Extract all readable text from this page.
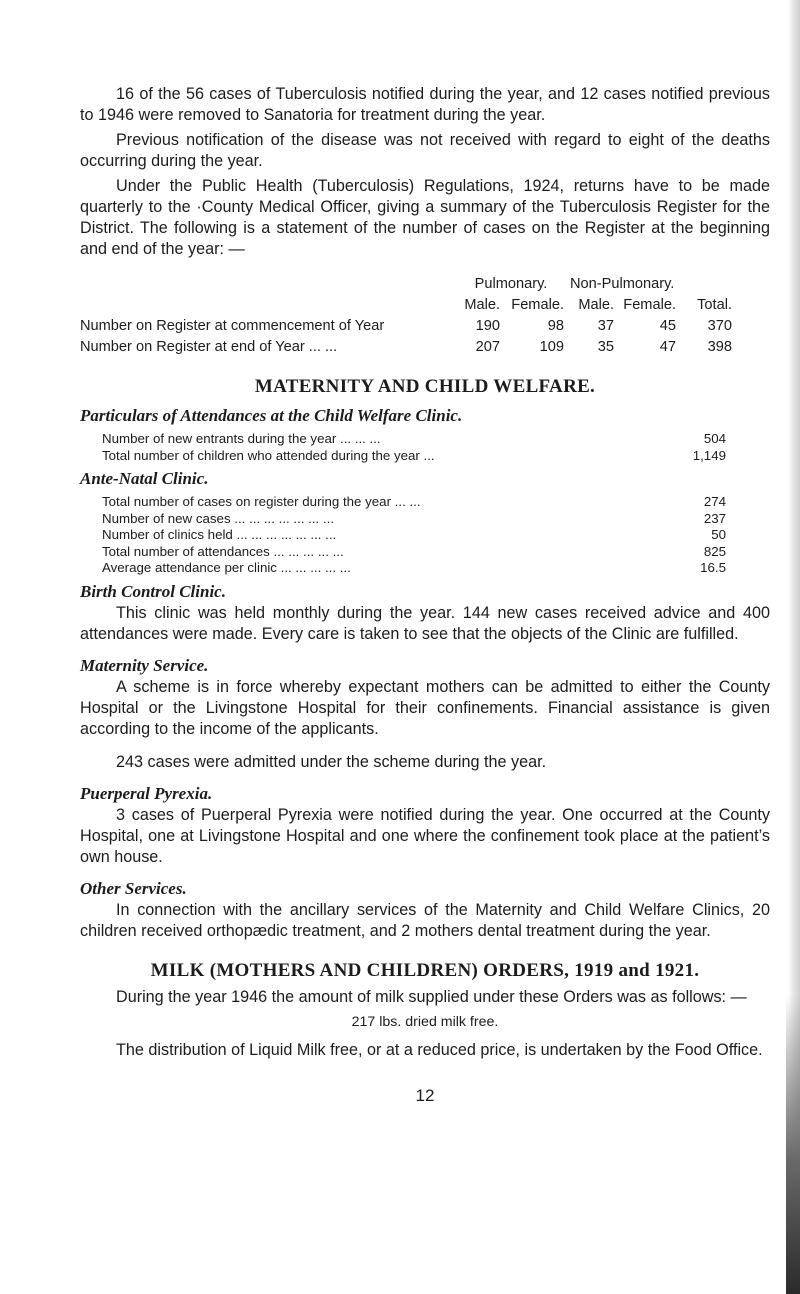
16 of the 56 cases of Tuberculosis notified during the year, and 12 cases notified previous to 1946 were removed to Sanatoria for treatment during the year.

Previous notification of the disease was not received with regard to eight of the deaths occurring during the year.

Under the Public Health (Tuberculosis) Regulations, 1924, returns have to be made quarterly to the ·County Medical Officer, giving a summary of the Tuberculosis Register for the District. The following is a statement of the number of cases on the Register at the beginning and end of the year: —

	Pulmonary.		Non-Pulmonary.		
	Male.	Female.	Male.	Female.	Total.
Number on Register at commencement of Year	190	98	37	45	370
Number on Register at end of Year ... ...	207	109	35	47	398
MATERNITY AND CHILD WELFARE.
Particulars of Attendances at the Child Welfare Clinic.
Number of new entrants during the year ... ... ...	504
Total number of children who attended during the year ...	1,149
Ante-Natal Clinic.
Total number of cases on register during the year ... ...	274
Number of new cases ... ... ... ... ... ... ...	237
Number of clinics held ... ... ... ... ... ... ...	50
Total number of attendances ... ... ... ... ...	825
Average attendance per clinic ... ... ... ... ...	16.5
Birth Control Clinic.

This clinic was held monthly during the year. 144 new cases received advice and 400 attendances were made. Every care is taken to see that the objects of the Clinic are fulfilled.

Maternity Service.

A scheme is in force whereby expectant mothers can be admitted to either the County Hospital or the Livingstone Hospital for their confinements. Financial assistance is given according to the income of the applicants.

243 cases were admitted under the scheme during the year.

Puerperal Pyrexia.

3 cases of Puerperal Pyrexia were notified during the year. One occurred at the County Hospital, one at Livingstone Hospital and one where the confinement took place at the patient’s own house.

Other Services.

In connection with the ancillary services of the Maternity and Child Welfare Clinics, 20 children received orthopædic treatment, and 2 mothers dental treatment during the year.

MILK (MOTHERS AND CHILDREN) ORDERS, 1919 and 1921.

During the year 1946 the amount of milk supplied under these Orders was as follows: —

217 lbs. dried milk free.

The distribution of Liquid Milk free, or at a reduced price, is undertaken by the Food Office.

12
